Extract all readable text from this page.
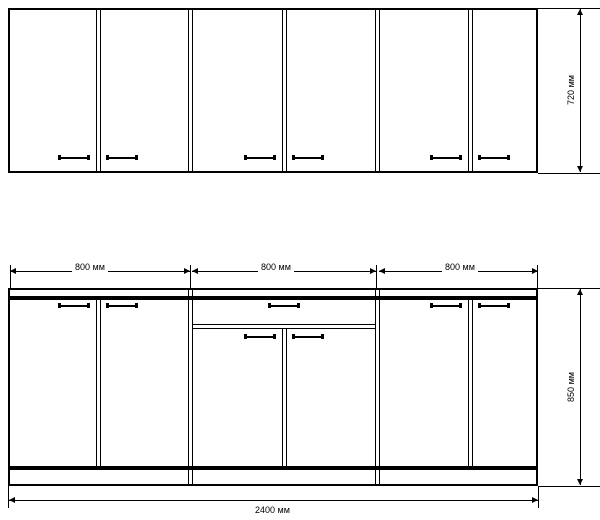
720 мм
800 мм	800 мм	800 мм
850 мм
2400 мм
